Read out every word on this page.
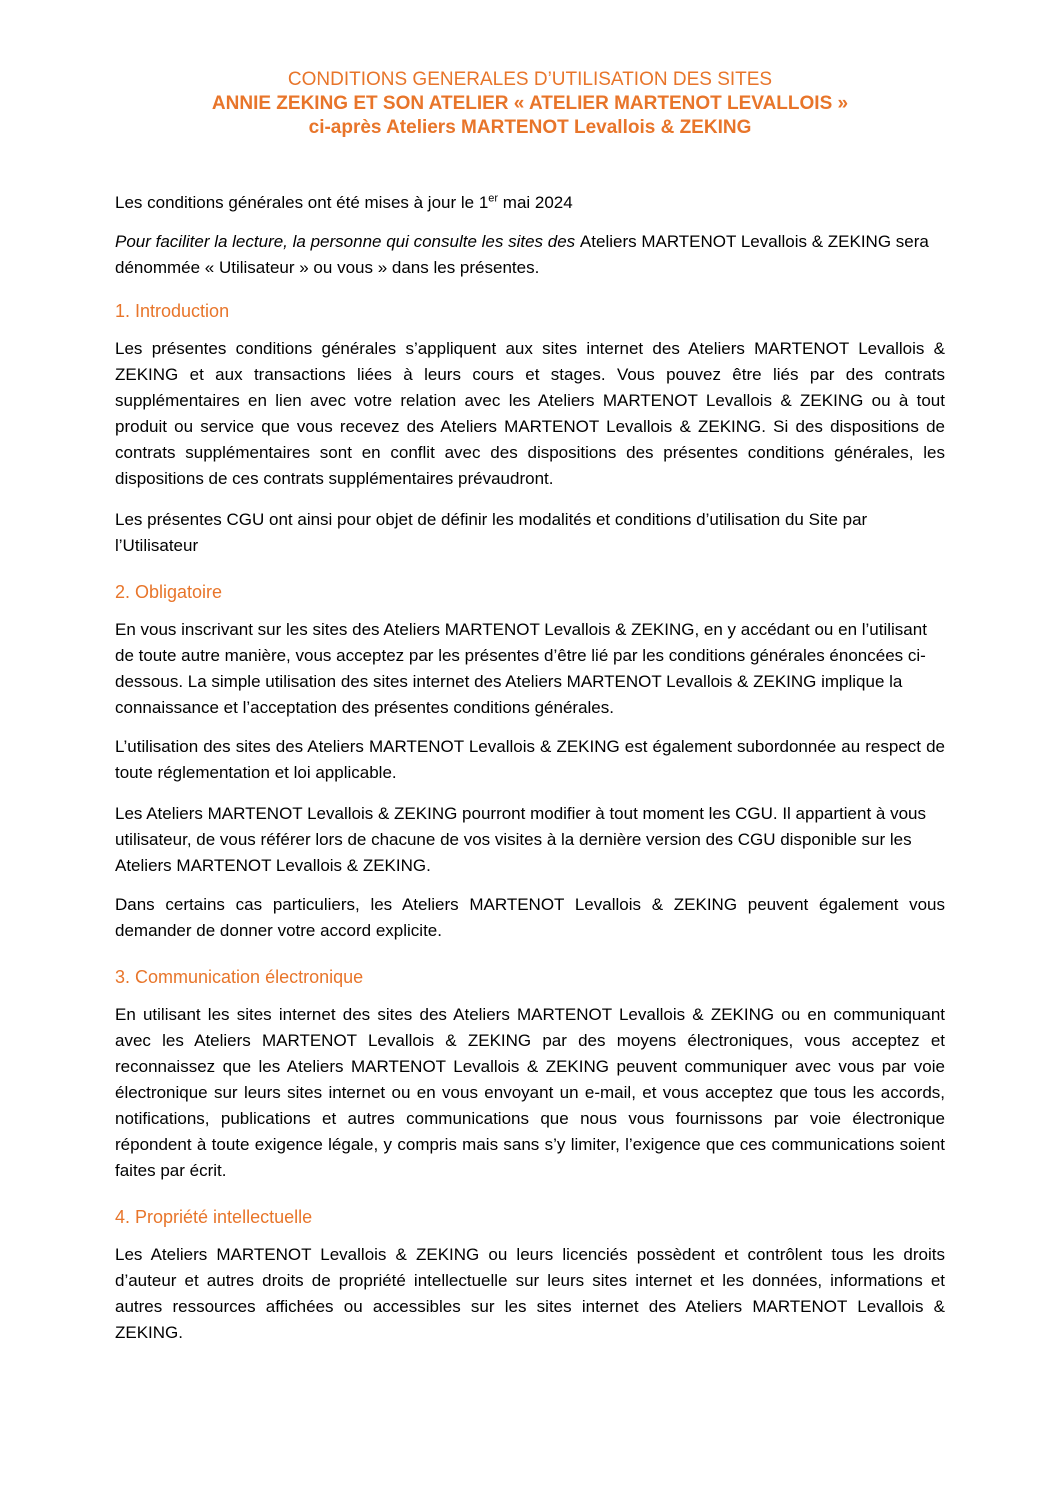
CONDITIONS GENERALES D’UTILISATION DES SITES
ANNIE ZEKING ET SON ATELIER « ATELIER MARTENOT LEVALLOIS »
ci-après Ateliers MARTENOT Levallois & ZEKING

Les conditions générales ont été mises à jour le 1er mai 2024

Pour faciliter la lecture, la personne qui consulte les sites des Ateliers MARTENOT Levallois & ZEKING sera dénommée « Utilisateur » ou vous » dans les présentes.

1. Introduction

Les présentes conditions générales s’appliquent aux sites internet des Ateliers MARTENOT Levallois & ZEKING et aux transactions liées à leurs cours et stages. Vous pouvez être liés par des contrats supplémentaires en lien avec votre relation avec les Ateliers MARTENOT Levallois & ZEKING ou à tout produit ou service que vous recevez des Ateliers MARTENOT Levallois & ZEKING. Si des dispositions de contrats supplémentaires sont en conflit avec des dispositions des présentes conditions générales, les dispositions de ces contrats supplémentaires prévaudront.

Les présentes CGU ont ainsi pour objet de définir les modalités et conditions d’utilisation du Site par l’Utilisateur

2. Obligatoire

En vous inscrivant sur les sites des Ateliers MARTENOT Levallois & ZEKING, en y accédant ou en l’utilisant de toute autre manière, vous acceptez par les présentes d’être lié par les conditions générales énoncées ci-dessous. La simple utilisation des sites internet des Ateliers MARTENOT Levallois & ZEKING implique la connaissance et l’acceptation des présentes conditions générales.

L’utilisation des sites des Ateliers MARTENOT Levallois & ZEKING est également subordonnée au respect de toute réglementation et loi applicable.

Les Ateliers MARTENOT Levallois & ZEKING pourront modifier à tout moment les CGU. Il appartient à vous utilisateur, de vous référer lors de chacune de vos visites à la dernière version des CGU disponible sur les Ateliers MARTENOT Levallois & ZEKING.

Dans certains cas particuliers, les Ateliers MARTENOT Levallois & ZEKING peuvent également vous demander de donner votre accord explicite.

3. Communication électronique

En utilisant les sites internet des sites des Ateliers MARTENOT Levallois & ZEKING ou en communiquant avec les Ateliers MARTENOT Levallois & ZEKING par des moyens électroniques, vous acceptez et reconnaissez que les Ateliers MARTENOT Levallois & ZEKING peuvent communiquer avec vous par voie électronique sur leurs sites internet ou en vous envoyant un e-mail, et vous acceptez que tous les accords, notifications, publications et autres communications que nous vous fournissons par voie électronique répondent à toute exigence légale, y compris mais sans s’y limiter, l’exigence que ces communications soient faites par écrit.

4. Propriété intellectuelle

Les Ateliers MARTENOT Levallois & ZEKING ou leurs licenciés possèdent et contrôlent tous les droits d’auteur et autres droits de propriété intellectuelle sur leurs sites internet et les données, informations et autres ressources affichées ou accessibles sur les sites internet des Ateliers MARTENOT Levallois & ZEKING.
